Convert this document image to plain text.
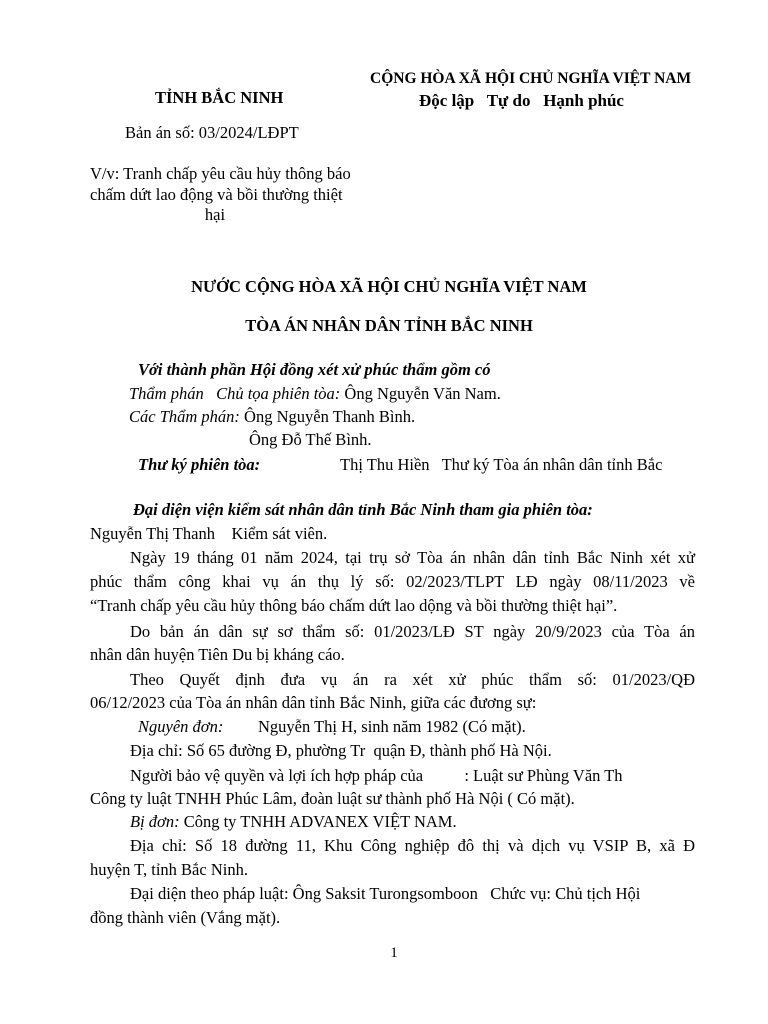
TỈNH BẮC NINH
Bản án số: 03/2024/LĐPT
V/v: Tranh chấp yêu cầu hủy thông báo
chấm dứt lao động và bồi thường thiệt
hại
CỘNG HÒA XÃ HỘI CHỦ NGHĨA VIỆT NAM
Độc lập   Tự do   Hạnh phúc
NƯỚC CỘNG HÒA XÃ HỘI CHỦ NGHĨA VIỆT NAM
TÒA ÁN NHÂN DÂN TỈNH BẮC NINH
Với thành phần Hội đồng xét xử phúc thẩm gồm có
Thẩm phán   Chủ tọa phiên tòa: Ông Nguyễn Văn Nam.
Các Thẩm phán: Ông Nguyễn Thanh Bình.
Ông Đỗ Thế Bình.
Thư ký phiên tòa:	Thị Thu Hiền   Thư ký Tòa án nhân dân tỉnh Bắc
Đại diện viện kiểm sát nhân dân tỉnh Bắc Ninh tham gia phiên tòa:
Nguyễn Thị Thanh    Kiểm sát viên.
Ngày 19 tháng 01 năm 2024, tại trụ sở Tòa án nhân dân tỉnh Bắc Ninh xét xử
phúc thẩm công khai vụ án thụ lý số: 02/2023/TLPT LĐ ngày 08/11/2023 về
“Tranh chấp yêu cầu hủy thông báo chấm dứt lao dộng và bồi thường thiệt hại”.
Do bản án dân sự sơ thẩm số: 01/2023/LĐ ST ngày 20/9/2023 của Tòa án
nhân dân huyện Tiên Du bị kháng cáo.
Theo Quyết định đưa vụ án ra xét xử phúc thẩm số: 01/2023/QĐ
06/12/2023 của Tòa án nhân dân tỉnh Bắc Ninh, giữa các đương sự:
Nguyên đơn: Nguyễn Thị H, sinh năm 1982 (Có mặt).
Địa chỉ: Số 65 đường Đ, phường Tr  quận Đ, thành phố Hà Nội.
Người bảo vệ quyền và lợi ích hợp pháp của          : Luật sư Phùng Văn Th
Công ty luật TNHH Phúc Lâm, đoàn luật sư thành phố Hà Nội ( Có mặt).
Bị đơn: Công ty TNHH ADVANEX VIỆT NAM.
Địa chỉ: Số 18 đường 11, Khu Công nghiệp đô thị và dịch vụ VSIP B, xã Đ
huyện T, tỉnh Bắc Ninh.
Đại diện theo pháp luật: Ông Saksit Turongsomboon   Chức vụ: Chủ tịch Hội
đồng thành viên (Vắng mặt).
1
